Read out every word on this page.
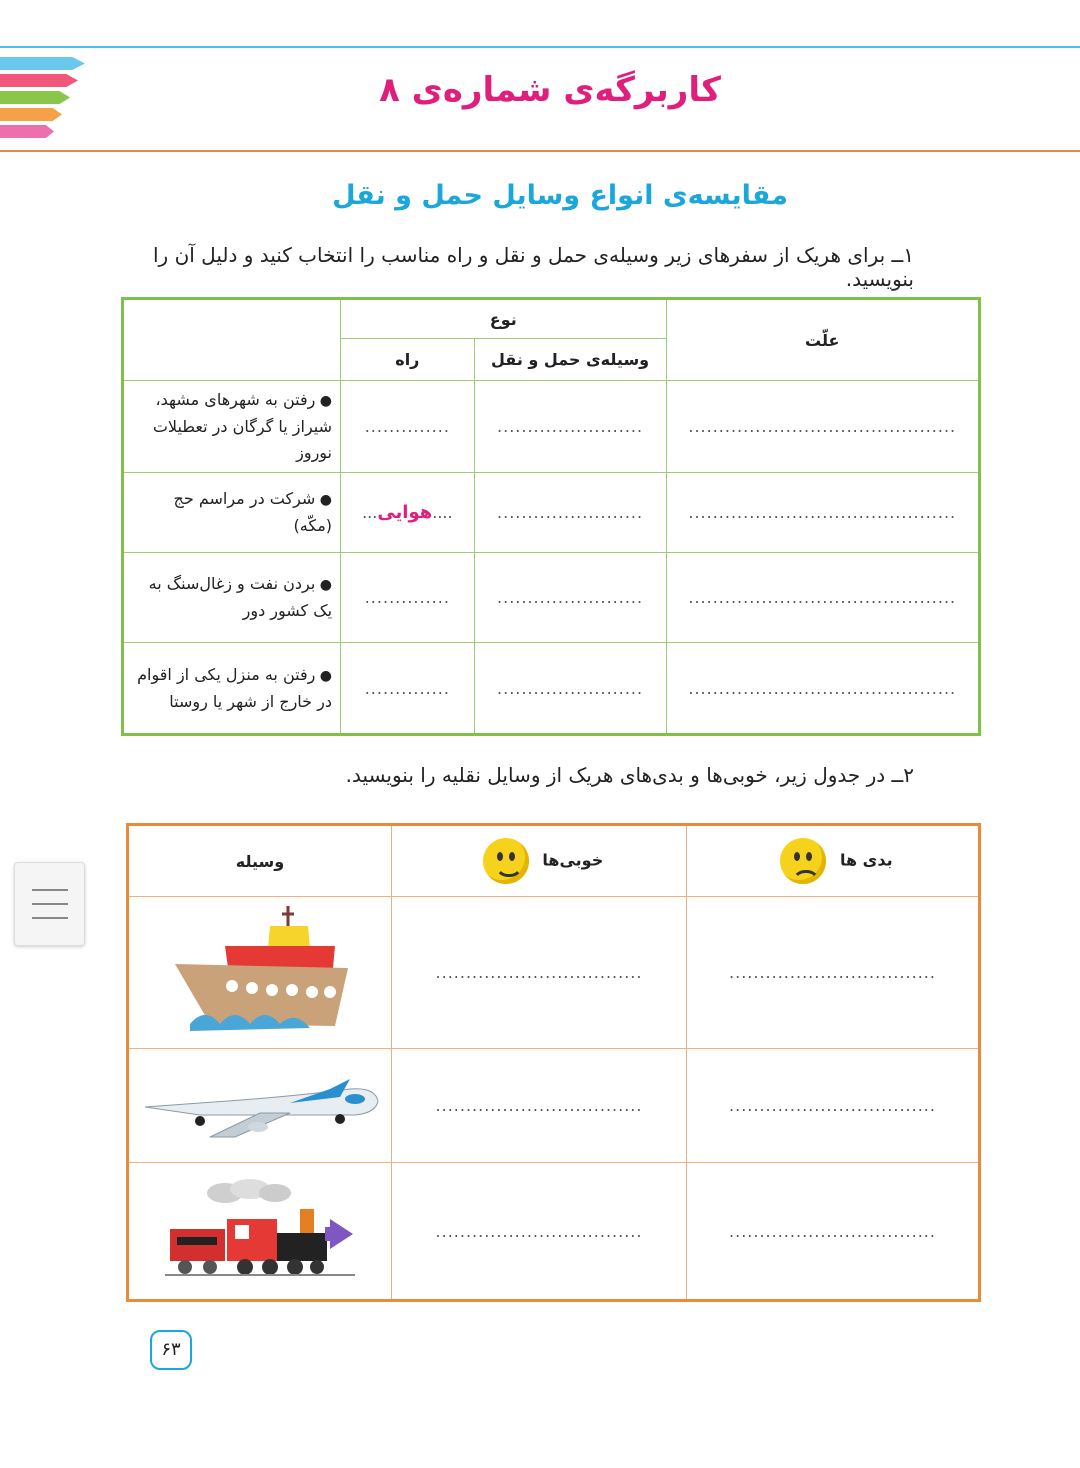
کاربرگه‌ی شماره‌ی ۸
مقایسه‌ی انواع وسایل حمل و نقل
۱ــ برای هریک از سفرهای زیر وسیله‌ی حمل و نقل و راه مناسب را انتخاب کنید و دلیل آن را بنویسید.
	نوع		علّت
	راه	وسیله‌ی حمل و نقل	
● رفتن به شهرهای مشهد، شیراز یا گرگان در تعطیلات نوروز	..............	........................	............................................
● شرکت در مراسم حج (مکّه)	....هوایی...	........................	............................................
● بردن نفت و زغال‌سنگ به یک کشور دور	..............	........................	............................................
● رفتن به منزل یکی از اقوام در خارج از شهر یا روستا	..............	........................	............................................
۲ــ در جدول زیر، خوبی‌ها و بدی‌های هریک از وسایل نقلیه را بنویسید.
وسیله	خوبی‌ها	بدی ها

	..................................	..................................
	..................................	..................................
	..................................	..................................
۶۳
